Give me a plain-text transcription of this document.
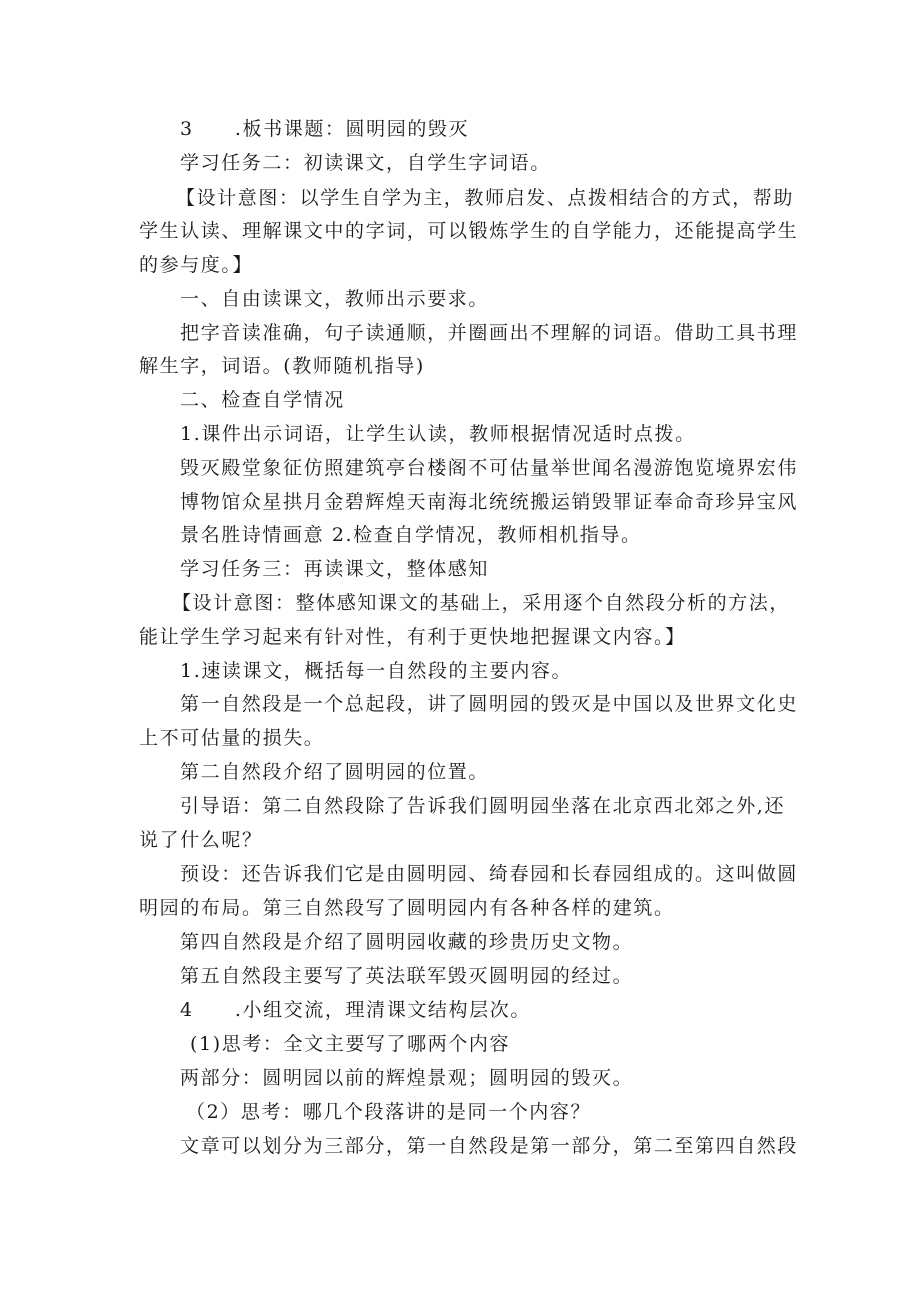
3　　.板书课题：圆明园的毁灭
学习任务二：初读课文，自学生字词语。
【设计意图：以学生自学为主，教师启发、点拨相结合的方式，帮助
学生认读、理解课文中的字词，可以锻炼学生的自学能力，还能提高学生
的参与度。】
一、自由读课文，教师出示要求。
把字音读准确，句子读通顺，并圈画出不理解的词语。借助工具书理
解生字，词语。(教师随机指导)
二、检查自学情况
1.课件出示词语，让学生认读，教师根据情况适时点拨。
毁灭殿堂象征仿照建筑亭台楼阁不可估量举世闻名漫游饱览境界宏伟
博物馆众星拱月金碧辉煌天南海北统统搬运销毁罪证奉命奇珍异宝风
景名胜诗情画意 2.检查自学情况，教师相机指导。
学习任务三：再读课文，整体感知
【设计意图：整体感知课文的基础上，采用逐个自然段分析的方法，
能让学生学习起来有针对性，有利于更快地把握课文内容。】
1.速读课文，概括每一自然段的主要内容。
第一自然段是一个总起段，讲了圆明园的毁灭是中国以及世界文化史
上不可估量的损失。
第二自然段介绍了圆明园的位置。
引导语：第二自然段除了告诉我们圆明园坐落在北京西北郊之外,还
说了什么呢？
预设：还告诉我们它是由圆明园、绮春园和长春园组成的。这叫做圆
明园的布局。第三自然段写了圆明园内有各种各样的建筑。
第四自然段是介绍了圆明园收藏的珍贵历史文物。
第五自然段主要写了英法联军毁灭圆明园的经过。
4　　.小组交流，理清课文结构层次。
(1)思考：全文主要写了哪两个内容
两部分：圆明园以前的辉煌景观；圆明园的毁灭。
（2）思考：哪几个段落讲的是同一个内容？
文章可以划分为三部分，第一自然段是第一部分，第二至第四自然段
